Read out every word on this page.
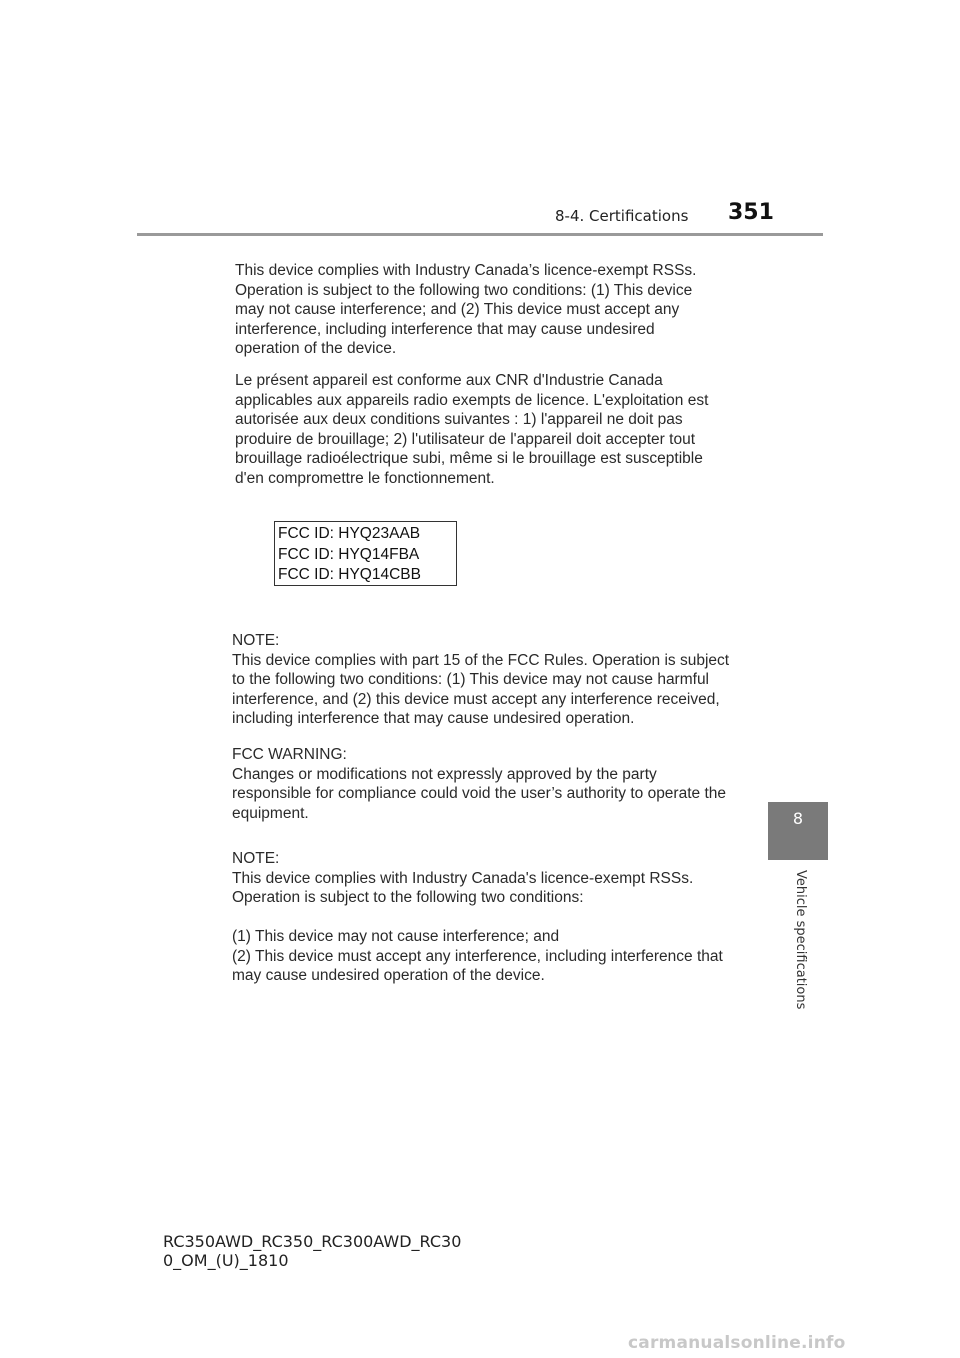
8-4. Certifications 351

This device complies with Industry Canada’s licence-exempt RSSs. Operation is subject to the following two conditions: (1) This device may not cause interference; and (2) This device must accept any interference, including interference that may cause undesired operation of the device.

Le présent appareil est conforme aux CNR d'Industrie Canada applicables aux appareils radio exempts de licence. L'exploitation est autorisée aux deux conditions suivantes : 1) l'appareil ne doit pas produire de brouillage; 2) l'utilisateur de l'appareil doit accepter tout brouillage radioélectrique subi, même si le brouillage est susceptible d'en compromettre le fonctionnement.

FCC ID: HYQ23AAB
FCC ID: HYQ14FBA
FCC ID: HYQ14CBB
NOTE:
This device complies with part 15 of the FCC Rules. Operation is subject to the following two conditions: (1) This device may not cause harmful interference, and (2) this device must accept any interference received, including interference that may cause undesired operation.
FCC WARNING:
Changes or modifications not expressly approved by the party responsible for compliance could void the user’s authority to operate the equipment.
NOTE:
This device complies with Industry Canada's licence-exempt RSSs. Operation is subject to the following two conditions:
(1) This device may not cause interference; and
(2) This device must accept any interference, including interference that may cause undesired operation of the device.
8
Vehicle specifications

RC350AWD_RC350_RC300AWD_RC30
0_OM_(U)_1810

carmanualsonline.info
